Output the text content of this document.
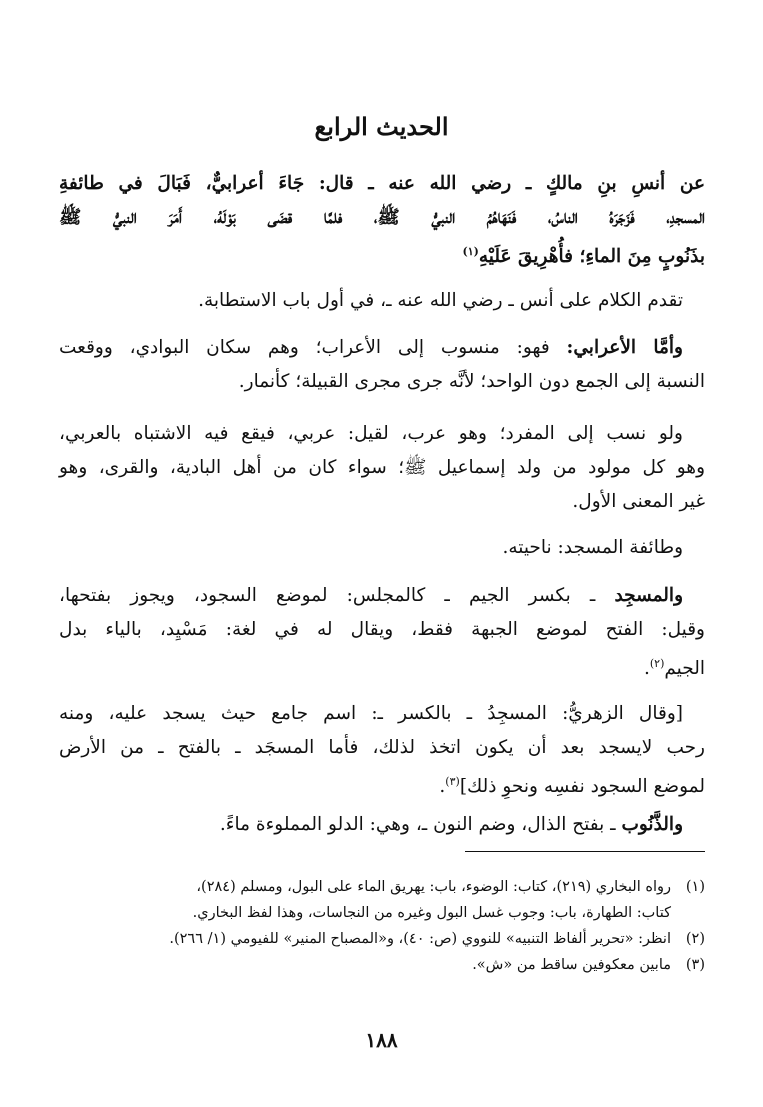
الحديث الرابع
عن أنسِ بنِ مالكٍ ـ رضي الله عنه ـ قال: جَاءَ أعرابيٌّ، فَبَالَ في طائفةِ
المسجدِ، فَزَجَرَهُ الناسُ، فَنَهَاهُمُ النبيُّ ﷺ، فلمَّا قضَى بَوْلَهُ، أَمَرَ النبيُّ ﷺ
بذَنُوبٍ مِنَ الماءِ؛ فأُهْرِيقَ عَلَيْهِ$^{(١)}$
تقدم الكلام على أنس ـ رضي الله عنه ـ، في أول باب الاستطابة.
وأمَّا الأعرابي: فهو: منسوب إلى الأعراب؛ وهم سكان البوادي، ووقعت
النسبة إلى الجمع دون الواحد؛ لأنَّه جرى مجرى القبيلة؛ كأنمار.
ولو نسب إلى المفرد؛ وهو عرب، لقيل: عربي، فيقع فيه الاشتباه بالعربي،
وهو كل مولود من ولد إسماعيل ﷺ؛ سواء كان من أهل البادية، والقرى، وهو
غير المعنى الأول.
وطائفة المسجد: ناحيته.
والمسجِد ـ بكسر الجيم ـ كالمجلس: لموضع السجود، ويجوز بفتحها،
وقيل: الفتح لموضع الجبهة فقط، ويقال له في لغة: مَسْيِد، بالياء بدل
الجيم$^{(٢)}$.
[وقال الزهريُّ: المسجِدُ ـ بالكسر ـ: اسم جامع حيث يسجد عليه، ومنه
رحب لايسجد بعد أن يكون اتخذ لذلك، فأما المسجَد ـ بالفتح ـ من الأرض
لموضع السجود نفسِه ونحوِ ذلك]$^{(٣)}$.
والذَّنُوب ـ بفتح الذال، وضم النون ـ، وهي: الدلو المملوءة ماءً.
(١)رواه البخاري (٢١٩)، كتاب: الوضوء، باب: يهريق الماء على البول، ومسلم (٢٨٤)،
كتاب: الطهارة، باب: وجوب غسل البول وغيره من النجاسات، وهذا لفظ البخاري.
(٢)انظر: «تحرير ألفاظ التنبيه» للنووي (ص: ٤٠)، و«المصباح المنير» للفيومي (١/ ٢٦٦).
(٣)مابين معكوفين ساقط من «ش».
١٨٨
